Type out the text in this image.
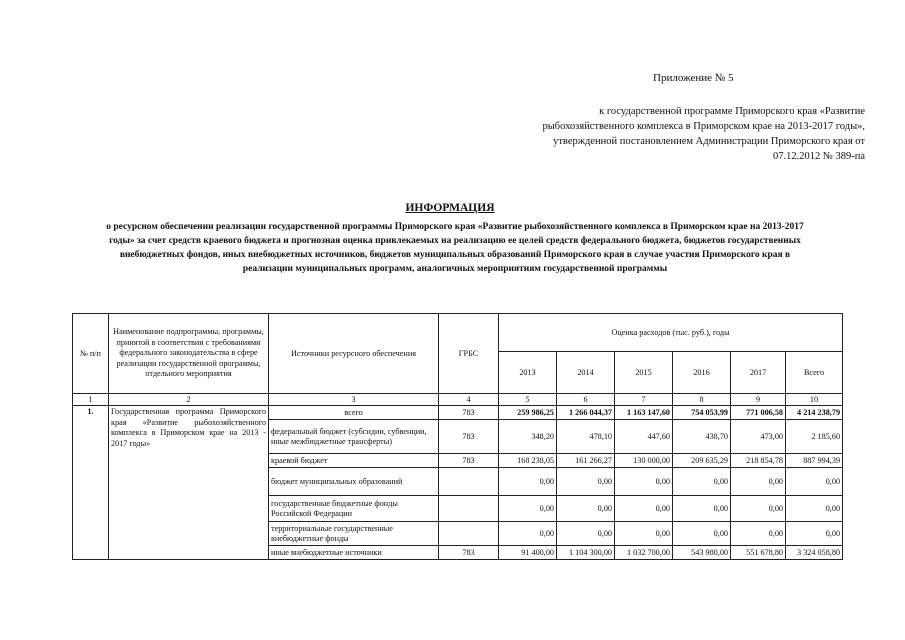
Приложение № 5
к государственной программе Приморского края «Развитие рыбохозяйственного комплекса в Приморском крае на 2013-2017 годы», утвержденной постановлением Администрации Приморского края от 07.12.2012 № 389-па
ИНФОРМАЦИЯ
о ресурсном обеспечении реализации государственной программы Приморского края «Развитие рыбохозяйственного комплекса в Приморском крае на 2013-2017 годы» за счет средств краевого бюджета и прогнозная оценка привлекаемых на реализацию ее целей средств федерального бюджета, бюджетов государственных внебюджетных фондов, иных внебюджетных источников, бюджетов муниципальных образований Приморского края в случае участия Приморского края в реализации муниципальных программ, аналогичных мероприятиям государственной программы
№ п/п	Наименование подпрограммы, программы, принятой в соответствии с требованиями федерального законодательства в сфере реализации государственной программы, отдельного мероприятия	Источники ресурсного обеспечения	ГРБС	Оценка расходов (тыс. руб.), годы					
				2013	2014	2015	2016	2017	Всего
1	2	3	4	5	6	7	8	9	10
1.	Государственная программа Приморского края «Развитие рыбохозяйственного комплекса в Приморском крае на 2013 - 2017 годы»	всего	783	259 986,25	1 266 044,37	1 163 147,60	754 053,99	771 006,58	4 214 238,79
		федеральный бюджет (субсидии, субвенции, иные межбюджетные трансферты)	783	348,20	478,10	447,60	438,70	473,00	2 185,60
		краевой бюджет	783	168 238,05	161 266,27	130 000,00	209 635,29	218 854,78	887 994,39
		бюджет муниципальных образований		0,00	0,00	0,00	0,00	0,00	0,00
		государственные бюджетные фонды Российской Федерации		0,00	0,00	0,00	0,00	0,00	0,00
		территориальные государственные внебюджетные фонды		0,00	0,00	0,00	0,00	0,00	0,00
		иные внебюджетные источники	783	91 400,00	1 104 300,00	1 032 700,00	543 980,00	551 678,80	3 324 058,80
